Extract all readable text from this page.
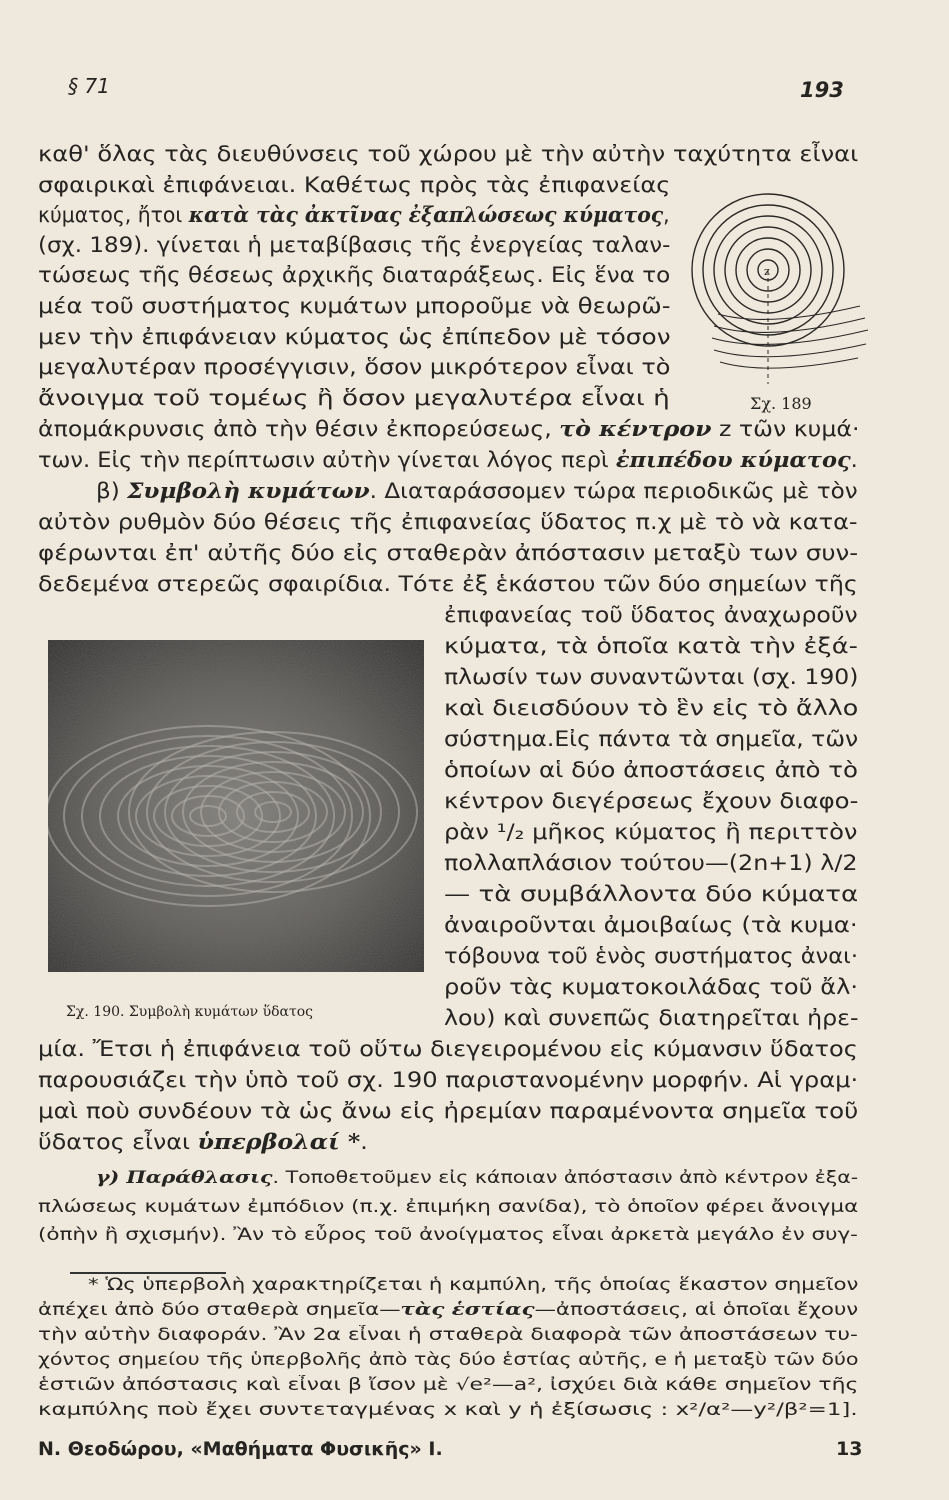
§ 71	193
καθ' ὅλας τὰς διευθύνσεις τοῦ χώρου μὲ τὴν αὐτὴν ταχύτητα εἶναι
σφαιρικαὶ ἐπιφάνειαι. Καθέτως πρὸς τὰς ἐπιφανείας
κύματος, ἤτοι κατὰ τὰς ἀκτῖνας ἐξαπλώσεως κύματος,
(σχ. 189). γίνεται ἡ μεταβίβασις τῆς ἐνεργείας ταλαν-
τώσεως τῆς θέσεως ἀρχικῆς διαταράξεως. Εἰς ἕνα το
μέα τοῦ συστήματος κυμάτων μποροῦμε νὰ θεωρῶ-
μεν τὴν ἐπιφάνειαν κύματος ὡς ἐπίπεδον μὲ τόσον
μεγαλυτέραν προσέγγισιν, ὅσον μικρότερον εἶναι τὸ
ἄνοιγμα τοῦ τομέως ἢ ὅσον μεγαλυτέρα εἶναι ἡ
ἀπομάκρυνσις ἀπὸ τὴν θέσιν ἐκπορεύσεως, τὸ κέντρον z τῶν κυμά·
των. Εἰς τὴν περίπτωσιν αὐτὴν γίνεται λόγος περὶ ἐπιπέδου κύματος.
β) Συμβολὴ κυμάτων. Διαταράσσομεν τώρα περιοδικῶς μὲ τὸν
αὐτὸν ρυθμὸν δύο θέσεις τῆς ἐπιφανείας ὕδατος π.χ μὲ τὸ νὰ κατα-
φέρωνται ἐπ' αὐτῆς δύο εἰς σταθερὰν ἀπόστασιν μεταξὺ των συν-
δεδεμένα στερεῶς σφαιρίδια. Τότε ἐξ ἑκάστου τῶν δύο σημείων τῆς
ἐπιφανείας τοῦ ὕδατος ἀναχωροῦν
κύματα, τὰ ὁποῖα κατὰ τὴν ἐξά-
πλωσίν των συναντῶνται (σχ. 190)
καὶ διεισδύουν τὸ ἓν εἰς τὸ ἄλλο
σύστημα.Εἰς πάντα τὰ σημεῖα, τῶν
ὁποίων αἱ δύο ἀποστάσεις ἀπὸ τὸ
κέντρον διεγέρσεως ἔχουν διαφο-
ρὰν ¹/₂ μῆκος κύματος ἢ περιττὸν
πολλαπλάσιον τούτου—(2n+1) λ/2
— τὰ συμβάλλοντα δύο κύματα
ἀναιροῦνται ἀμοιβαίως (τὰ κυμα·
τόβουνα τοῦ ἑνὸς συστήματος ἀναι·
ροῦν τὰς κυματοκοιλάδας τοῦ ἄλ·
λου) καὶ συνεπῶς διατηρεῖται ἠρε-
μία. Ἔτσι ἡ ἐπιφάνεια τοῦ οὕτω διεγειρομένου εἰς κύμανσιν ὕδατος
παρουσιάζει τὴν ὑπὸ τοῦ σχ. 190 παριστανομένην μορφήν. Αἱ γραμ·
μαὶ ποὺ συνδέουν τὰ ὡς ἄνω εἰς ἠρεμίαν παραμένοντα σημεῖα τοῦ
ὕδατος εἶναι ὑπερβολαί *.
γ) Παράθλασις. Τοποθετοῦμεν εἰς κάποιαν ἀπόστασιν ἀπὸ κέντρον ἐξα-
πλώσεως κυμάτων ἐμπόδιον (π.χ. ἐπιμήκη σανίδα), τὸ ὁποῖον φέρει ἄνοιγμα
(ὀπὴν ἢ σχισμήν). Ἂν τὸ εὖρος τοῦ ἀνοίγματος εἶναι ἀρκετὰ μεγάλο ἐν συγ-
* Ὡς ὑπερβολὴ χαρακτηρίζεται ἡ καμπύλη, τῆς ὁποίας ἕκαστον σημεῖον
ἀπέχει ἀπὸ δύο σταθερὰ σημεῖα—τὰς ἑστίας—ἀποστάσεις, αἱ ὁποῖαι ἔχουν
τὴν αὐτὴν διαφοράν. Ἂν 2α εἶναι ἡ σταθερὰ διαφορὰ τῶν ἀποστάσεων τυ-
χόντος σημείου τῆς ὑπερβολῆς ἀπὸ τὰς δύο ἑστίας αὐτῆς, e ἡ μεταξὺ τῶν δύο
ἑστιῶν ἀπόστασις καὶ εἶναι β ἴσον μὲ √e²—a², ἰσχύει διὰ κάθε σημεῖον τῆς
καμπύλης ποὺ ἔχει συντεταγμένας x καὶ y ἡ ἐξίσωσις : x²/α²—y²/β²=1].
z
Σχ. 189
Σχ. 190. Συμβολὴ κυμάτων ὕδατος
Ν. Θεοδώρου, «Μαθήματα Φυσικῆς» Ι.	13
